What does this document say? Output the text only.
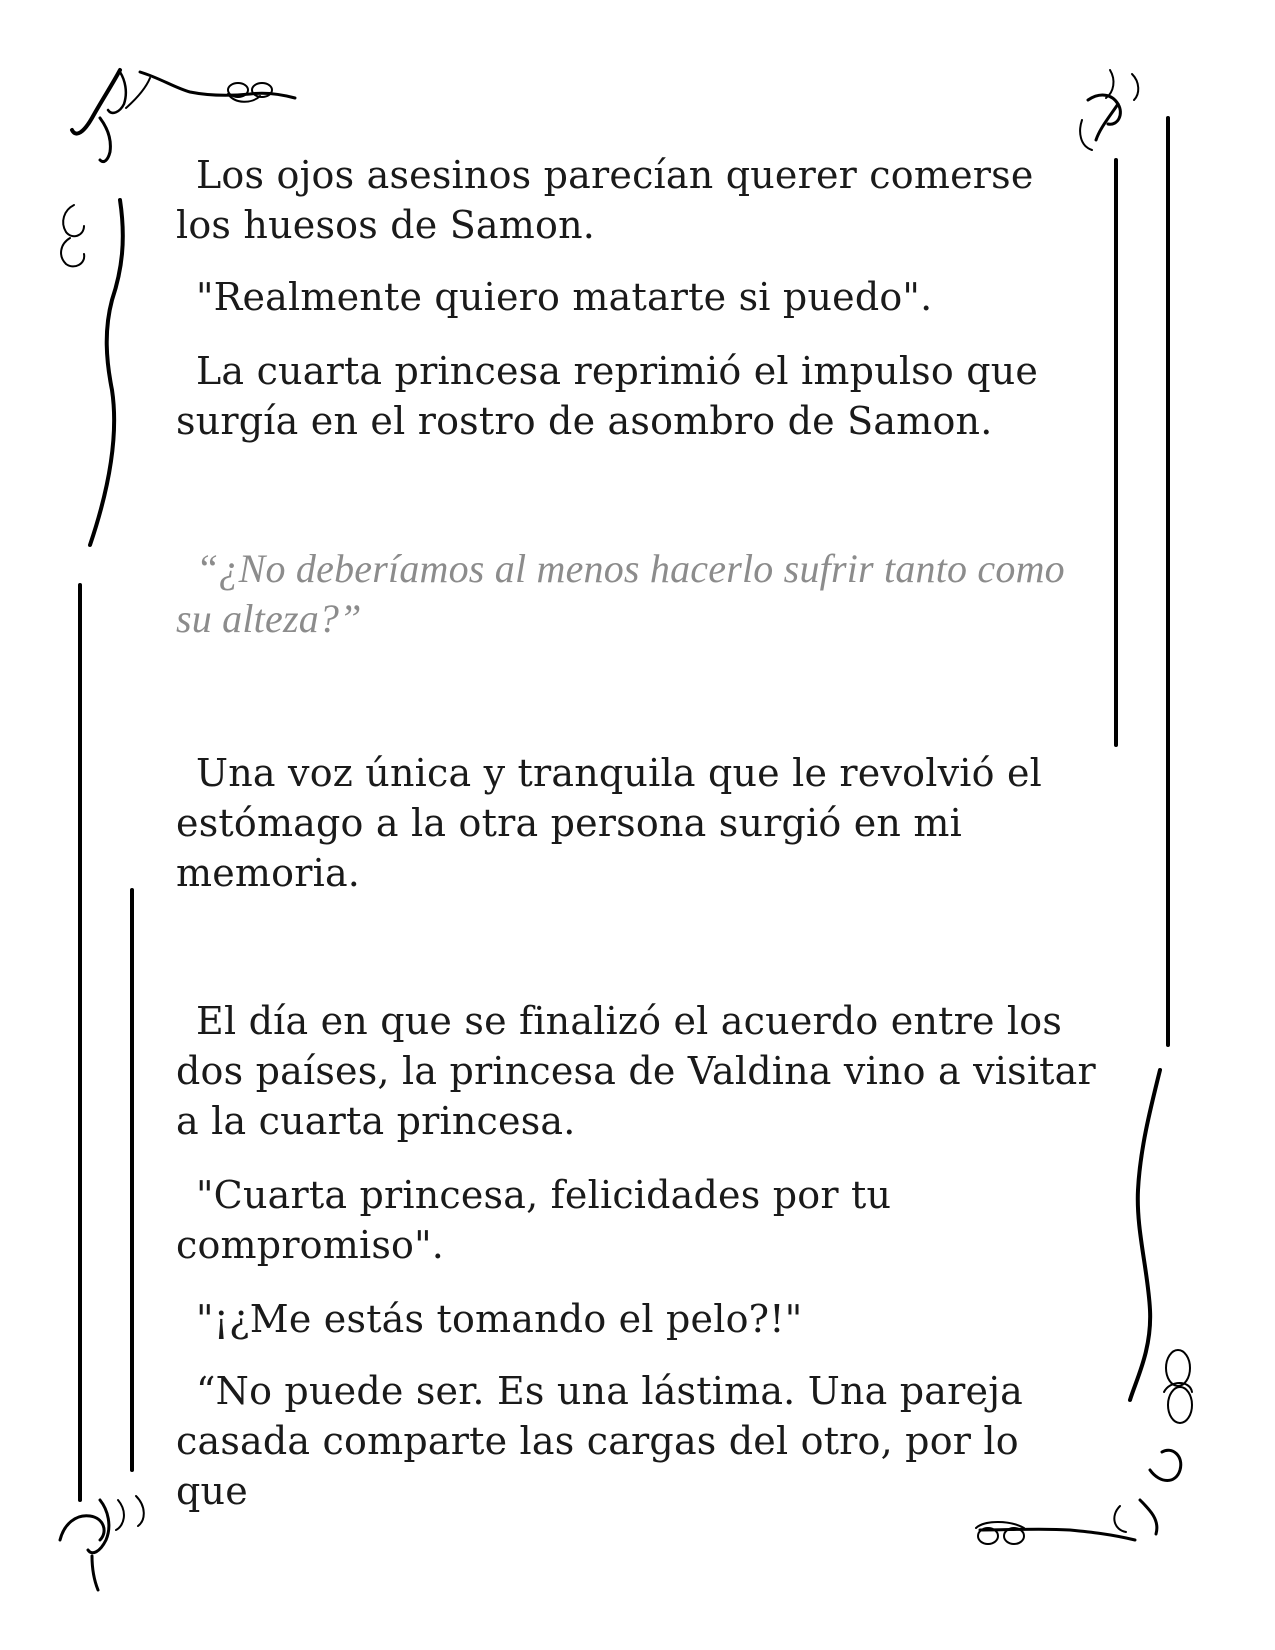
Los ojos asesinos parecían querer comerse los huesos de Samon.

"Realmente quiero matarte si puedo".

La cuarta princesa reprimió el impulso que surgía en el rostro de asombro de Samon.

“¿No deberíamos al menos hacerlo sufrir tanto como su alteza?”

Una voz única y tranquila que le revolvió el estómago a la otra persona surgió en mi memoria.

El día en que se finalizó el acuerdo entre los dos países, la princesa de Valdina vino a visitar a la cuarta princesa.

"Cuarta princesa, felicidades por tu compromiso".

"¡¿Me estás tomando el pelo?!"

“No puede ser. Es una lástima. Una pareja casada comparte las cargas del otro, por lo que
